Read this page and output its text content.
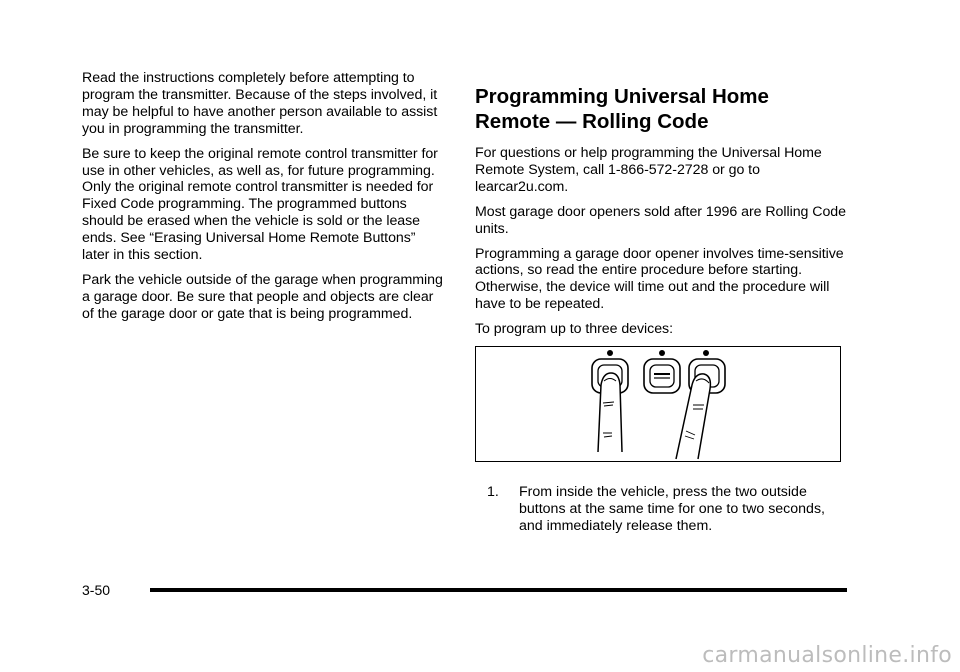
Read the instructions completely before attempting to program the transmitter. Because of the steps involved, it may be helpful to have another person available to assist you in programming the transmitter.

Be sure to keep the original remote control transmitter for use in other vehicles, as well as, for future programming. Only the original remote control transmitter is needed for Fixed Code programming. The programmed buttons should be erased when the vehicle is sold or the lease ends. See “Erasing Universal Home Remote Buttons” later in this section.

Park the vehicle outside of the garage when programming a garage door. Be sure that people and objects are clear of the garage door or gate that is being programmed.

Programming Universal Home Remote — Rolling Code

For questions or help programming the Universal Home Remote System, call 1-866-572-2728 or go to learcar2u.com.

Most garage door openers sold after 1996 are Rolling Code units.

Programming a garage door opener involves time-sensitive actions, so read the entire procedure before starting. Otherwise, the device will time out and the procedure will have to be repeated.

To program up to three devices:

1. From inside the vehicle, press the two outside buttons at the same time for one to two seconds, and immediately release them.
3-50
carmanualsonline.info
